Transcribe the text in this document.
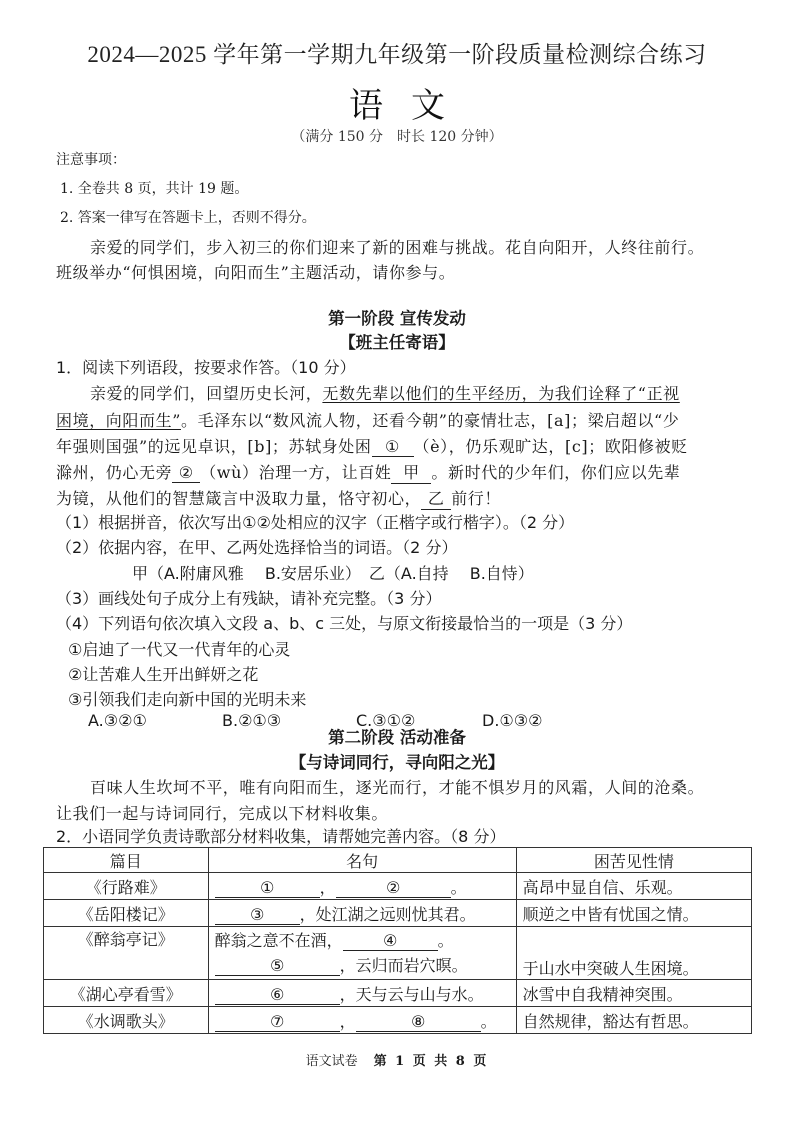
2024—2025 学年第一学期九年级第一阶段质量检测综合练习
语 文
（满分 150 分　时长 120 分钟）
注意事项：
1. 全卷共 8 页，共计 19 题。
2. 答案一律写在答题卡上，否则不得分。
亲爱的同学们，步入初三的你们迎来了新的困难与挑战。花自向阳开，人终往前行。
班级举办“何惧困境，向阳而生”主题活动，请你参与。
第一阶段 宣传发动
【班主任寄语】
1．阅读下列语段，按要求作答。（10 分）
亲爱的同学们，回望历史长河，无数先辈以他们的生平经历，为我们诠释了“正视
困境，向阳而生”。毛泽东以“数风流人物，还看今朝”的豪情壮志，[a]；梁启超以“少
年强则国强”的远见卓识，[b]；苏轼身处困 ① （è），仍乐观旷达，[c]；欧阳修被贬
滁州，仍心无旁 ② （wù）治理一方，让百姓 甲 。新时代的少年们，你们应以先辈
为镜，从他们的智慧箴言中汲取力量，恪守初心， 乙 前行！
（1）根据拼音，依次写出①②处相应的汉字（正楷字或行楷字）。（2 分）
（2）依据内容，在甲、乙两处选择恰当的词语。（2 分）
甲（A.附庸风雅　 B.安居乐业）　乙（A.自持　 B.自恃）
（3）画线处句子成分上有残缺，请补充完整。（3 分）
（4）下列语句依次填入文段 a、b、c 三处，与原文衔接最恰当的一项是（3 分）
①启迪了一代又一代青年的心灵
②让苦难人生开出鲜妍之花
③引领我们走向新中国的光明未来
A.③②①	B.②①③	C.③①②	D.①③②
第二阶段 活动准备
【与诗词同行，寻向阳之光】
百味人生坎坷不平，唯有向阳而生，逐光而行，才能不惧岁月的风霜，人间的沧桑。
让我们一起与诗词同行，完成以下材料收集。
2．小语同学负责诗歌部分材料收集，请帮她完善内容。（8 分）
篇目	名句	困苦见性情
《行路难》	① ， ② 。	高昂中显自信、乐观。
《岳阳楼记》	③ ，处江湖之远则忧其君。	顺逆之中皆有忧国之情。
《醉翁亭记》	醉翁之意不在酒， ④ 。
⑤ ，云归而岩穴暝。	于山水中突破人生困境。
《湖心亭看雪》	⑥ ，天与云与山与水。	冰雪中自我精神突围。
《水调歌头》	⑦ ， ⑧ 。	自然规律，豁达有哲思。
语文试卷 第 1 页 共 8 页
